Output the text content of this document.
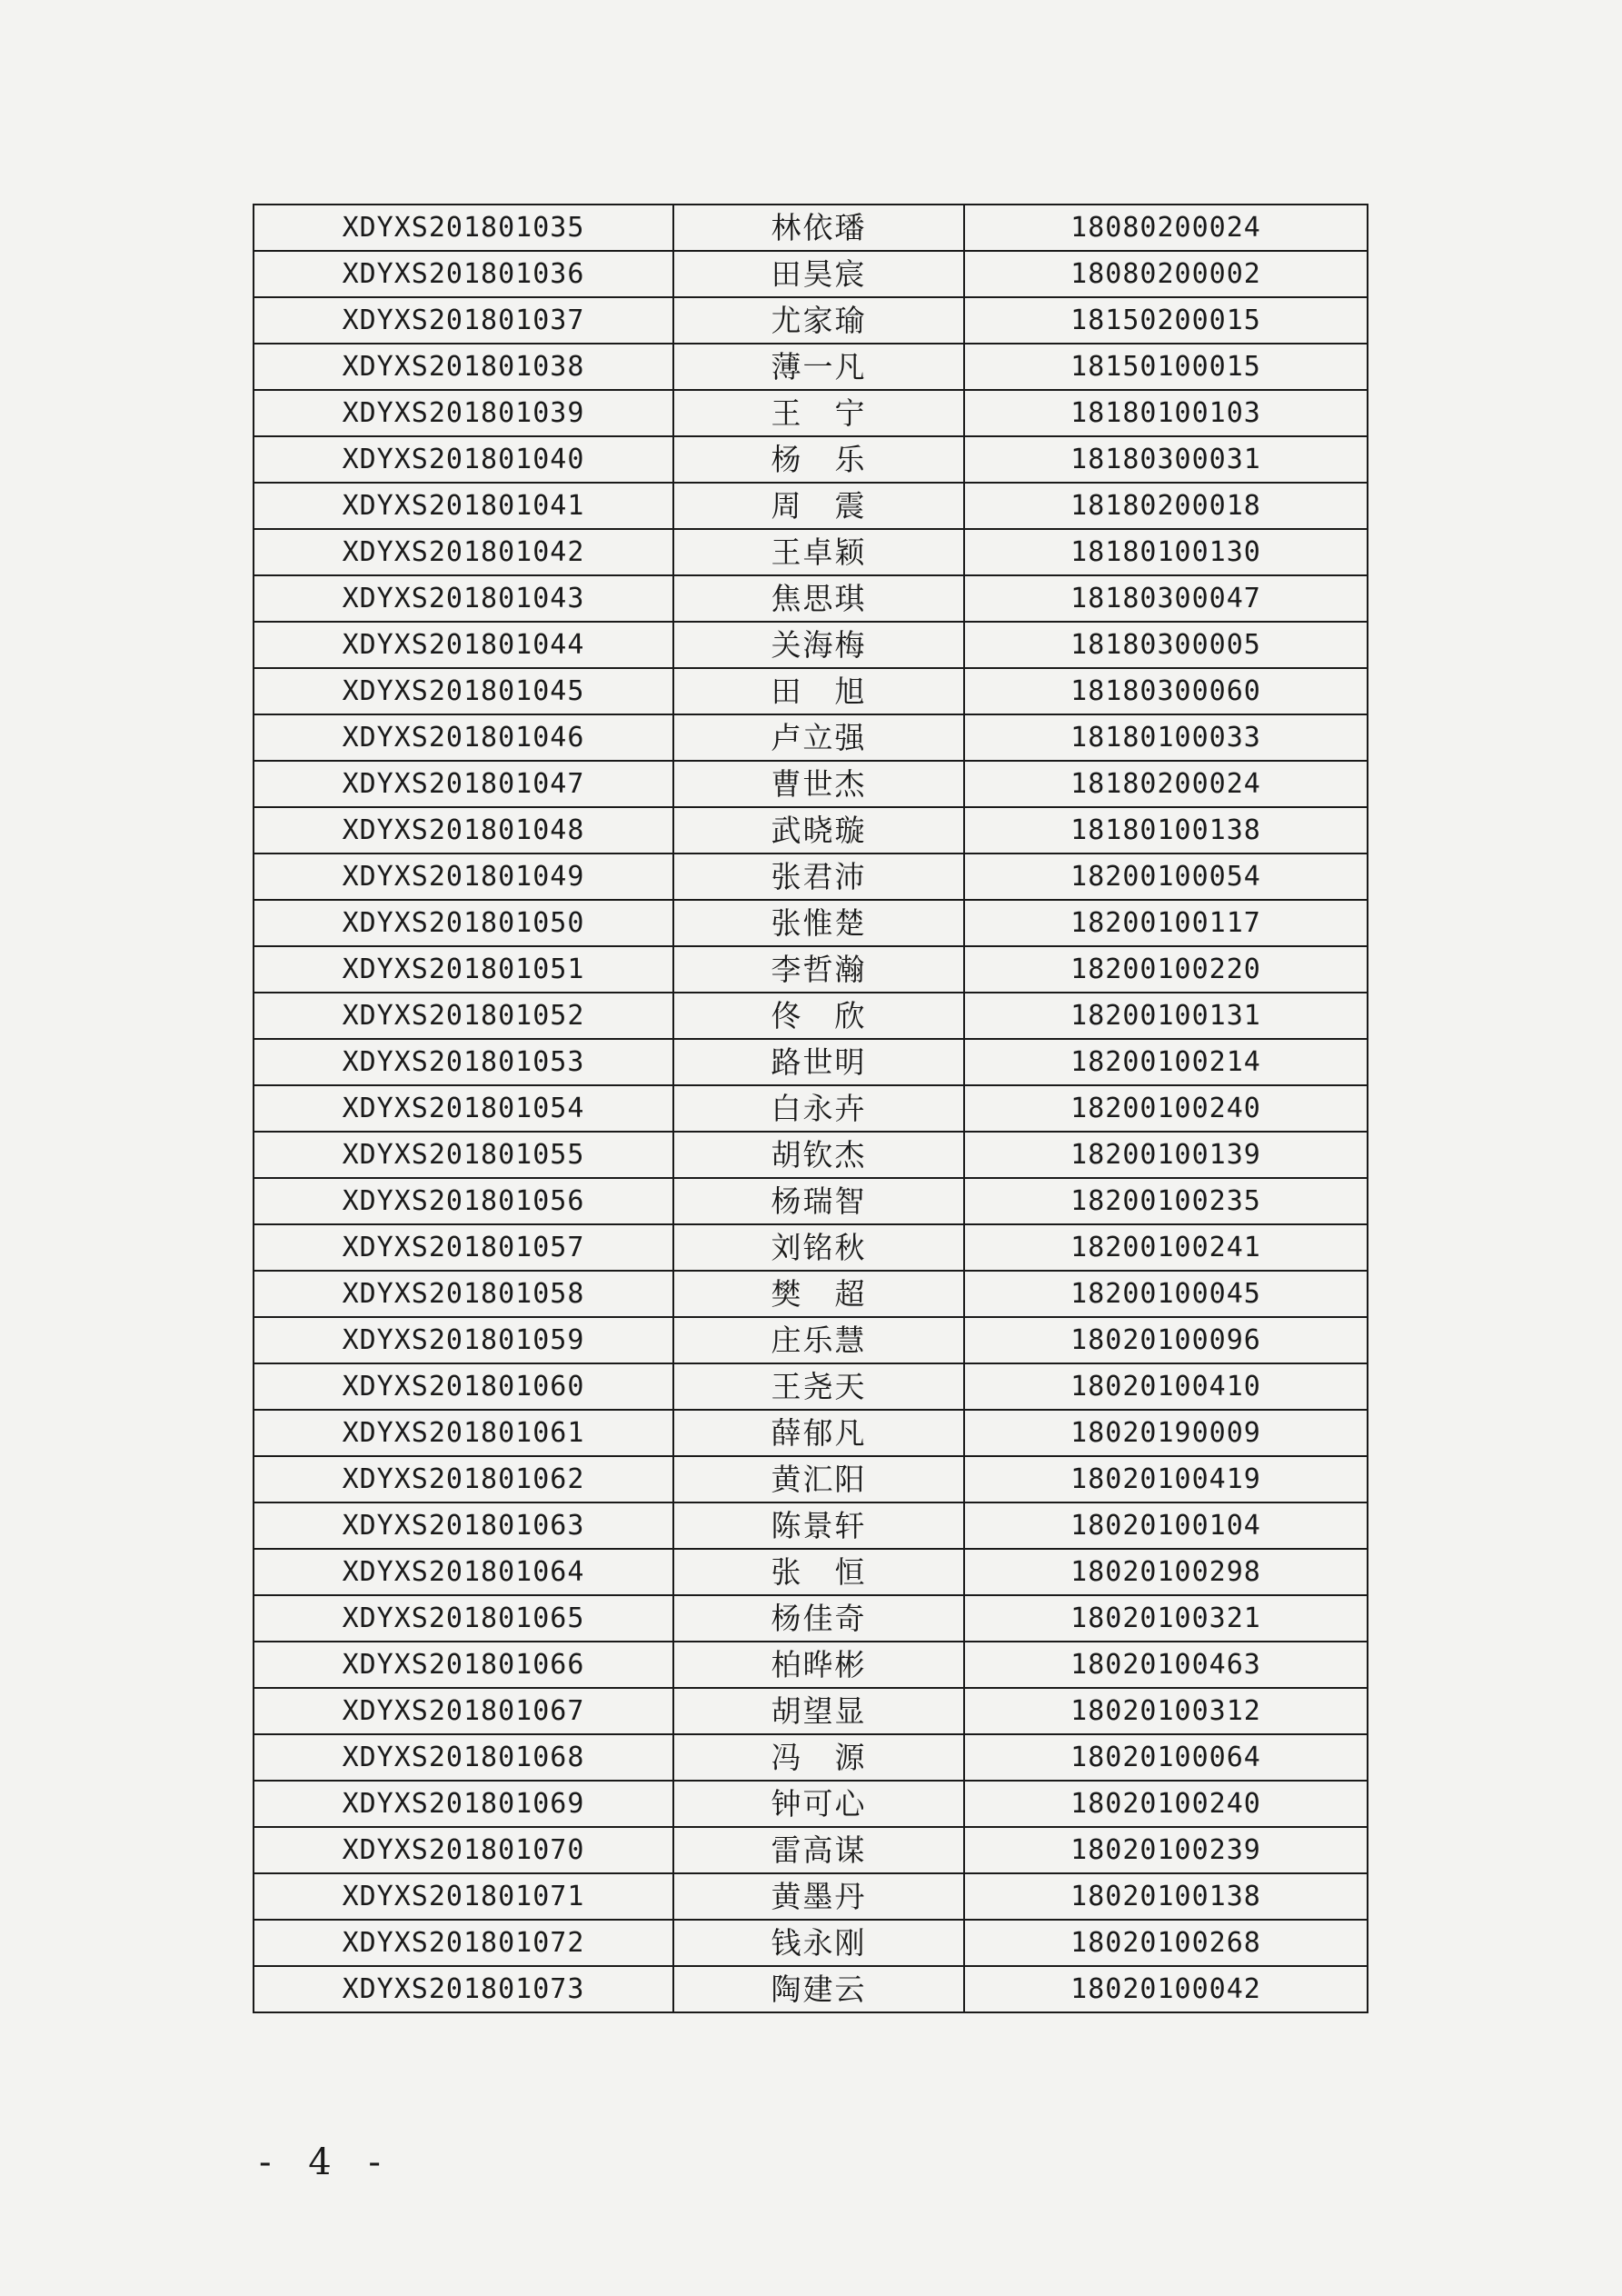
XDYXS201801035	林依璠	18080200024
XDYXS201801036	田昊宸	18080200002
XDYXS201801037	尤家瑜	18150200015
XDYXS201801038	薄一凡	18150100015
XDYXS201801039	王　宁	18180100103
XDYXS201801040	杨　乐	18180300031
XDYXS201801041	周　震	18180200018
XDYXS201801042	王卓颖	18180100130
XDYXS201801043	焦思琪	18180300047
XDYXS201801044	关海梅	18180300005
XDYXS201801045	田　旭	18180300060
XDYXS201801046	卢立强	18180100033
XDYXS201801047	曹世杰	18180200024
XDYXS201801048	武晓璇	18180100138
XDYXS201801049	张君沛	18200100054
XDYXS201801050	张惟楚	18200100117
XDYXS201801051	李哲瀚	18200100220
XDYXS201801052	佟　欣	18200100131
XDYXS201801053	路世明	18200100214
XDYXS201801054	白永卉	18200100240
XDYXS201801055	胡钦杰	18200100139
XDYXS201801056	杨瑞智	18200100235
XDYXS201801057	刘铭秋	18200100241
XDYXS201801058	樊　超	18200100045
XDYXS201801059	庄乐慧	18020100096
XDYXS201801060	王尧天	18020100410
XDYXS201801061	薛郁凡	18020190009
XDYXS201801062	黄汇阳	18020100419
XDYXS201801063	陈景轩	18020100104
XDYXS201801064	张　恒	18020100298
XDYXS201801065	杨佳奇	18020100321
XDYXS201801066	柏晔彬	18020100463
XDYXS201801067	胡望显	18020100312
XDYXS201801068	冯　源	18020100064
XDYXS201801069	钟可心	18020100240
XDYXS201801070	雷高谋	18020100239
XDYXS201801071	黄墨丹	18020100138
XDYXS201801072	钱永刚	18020100268
XDYXS201801073	陶建云	18020100042
- 4 -
